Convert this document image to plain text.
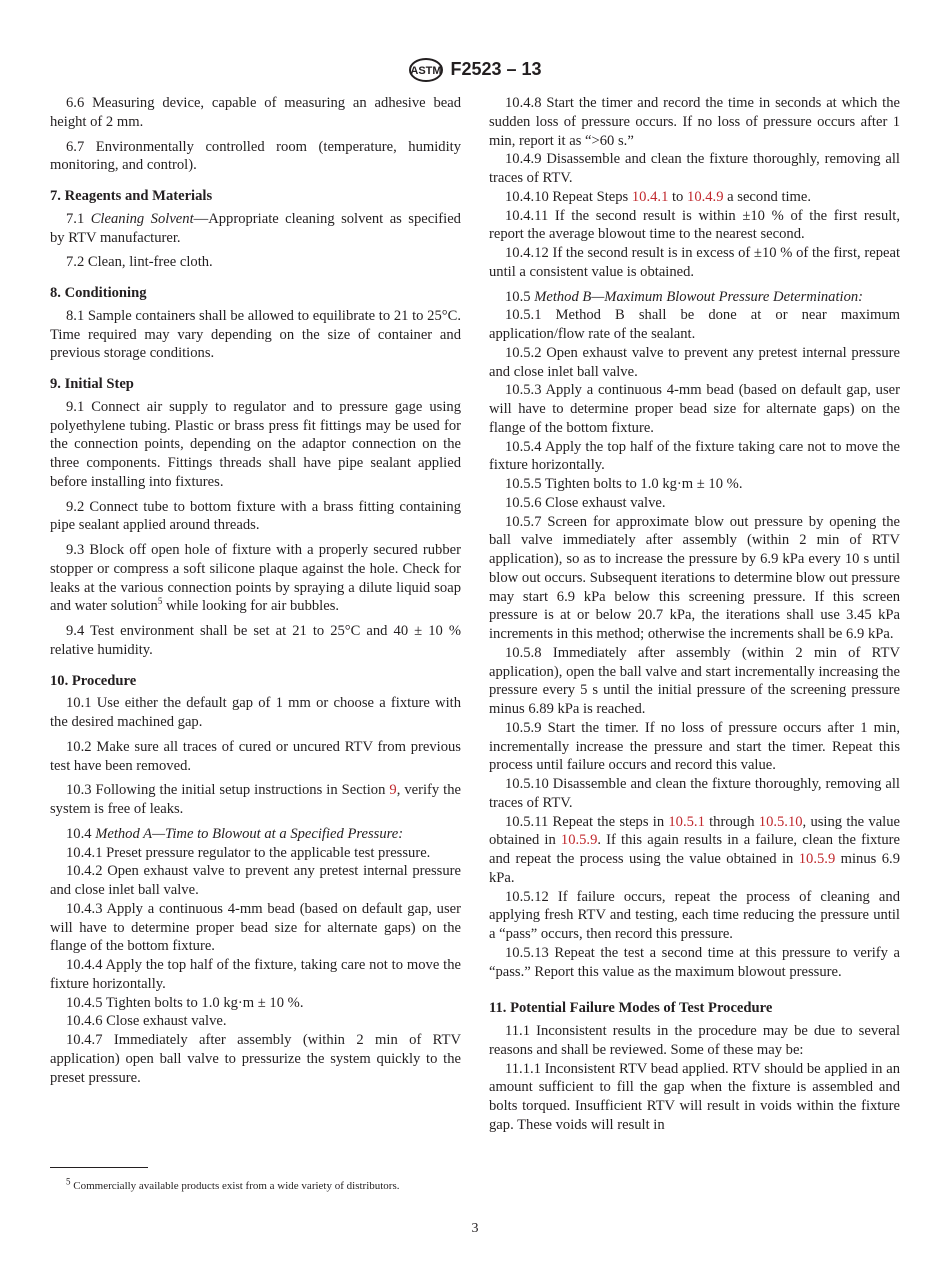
ASTM F2523 – 13
6.6 Measuring device, capable of measuring an adhesive bead height of 2 mm.
6.7 Environmentally controlled room (temperature, humidity monitoring, and control).
7. Reagents and Materials
7.1 Cleaning Solvent—Appropriate cleaning solvent as specified by RTV manufacturer.
7.2 Clean, lint-free cloth.
8. Conditioning
8.1 Sample containers shall be allowed to equilibrate to 21 to 25°C. Time required may vary depending on the size of container and previous storage conditions.
9. Initial Step
9.1 Connect air supply to regulator and to pressure gage using polyethylene tubing. Plastic or brass press fit fittings may be used for the connection points, depending on the adaptor connection on the three components. Fittings threads shall have pipe sealant applied before installing into fixtures.
9.2 Connect tube to bottom fixture with a brass fitting containing pipe sealant applied around threads.
9.3 Block off open hole of fixture with a properly secured rubber stopper or compress a soft silicone plaque against the hole. Check for leaks at the various connection points by spraying a dilute liquid soap and water solution$^5$ while looking for air bubbles.
9.4 Test environment shall be set at 21 to 25°C and 40 ± 10 % relative humidity.
10. Procedure
10.1 Use either the default gap of 1 mm or choose a fixture with the desired machined gap.
10.2 Make sure all traces of cured or uncured RTV from previous test have been removed.
10.3 Following the initial setup instructions in Section 9, verify the system is free of leaks.
10.4 Method A—Time to Blowout at a Specified Pressure:
10.4.1 Preset pressure regulator to the applicable test pressure.
10.4.2 Open exhaust valve to prevent any pretest internal pressure and close inlet ball valve.
10.4.3 Apply a continuous 4-mm bead (based on default gap, user will have to determine proper bead size for alternate gaps) on the flange of the bottom fixture.
10.4.4 Apply the top half of the fixture, taking care not to move the fixture horizontally.
10.4.5 Tighten bolts to 1.0 kg·m ± 10 %.
10.4.6 Close exhaust valve.
10.4.7 Immediately after assembly (within 2 min of RTV application) open ball valve to pressurize the system quickly to the preset pressure.
10.4.8 Start the timer and record the time in seconds at which the sudden loss of pressure occurs. If no loss of pressure occurs after 1 min, report it as “>60 s.”
10.4.9 Disassemble and clean the fixture thoroughly, removing all traces of RTV.
10.4.10 Repeat Steps 10.4.1 to 10.4.9 a second time.
10.4.11 If the second result is within ±10 % of the first result, report the average blowout time to the nearest second.
10.4.12 If the second result is in excess of ±10 % of the first, repeat until a consistent value is obtained.
10.5 Method B—Maximum Blowout Pressure Determination:
10.5.1 Method B shall be done at or near maximum application/flow rate of the sealant.
10.5.2 Open exhaust valve to prevent any pretest internal pressure and close inlet ball valve.
10.5.3 Apply a continuous 4-mm bead (based on default gap, user will have to determine proper bead size for alternate gaps) on the flange of the bottom fixture.
10.5.4 Apply the top half of the fixture taking care not to move the fixture horizontally.
10.5.5 Tighten bolts to 1.0 kg·m ± 10 %.
10.5.6 Close exhaust valve.
10.5.7 Screen for approximate blow out pressure by opening the ball valve immediately after assembly (within 2 min of RTV application), so as to increase the pressure by 6.9 kPa every 10 s until blow out occurs. Subsequent iterations to determine blow out pressure may start 6.9 kPa below this screening pressure. If this screen pressure is at or below 20.7 kPa, the iterations shall use 3.45 kPa increments in this method; otherwise the increments shall be 6.9 kPa.
10.5.8 Immediately after assembly (within 2 min of RTV application), open the ball valve and start incrementally increasing the pressure every 5 s until the initial pressure of the screening pressure minus 6.89 kPa is reached.
10.5.9 Start the timer. If no loss of pressure occurs after 1 min, incrementally increase the pressure and start the timer. Repeat this process until failure occurs and record this value.
10.5.10 Disassemble and clean the fixture thoroughly, removing all traces of RTV.
10.5.11 Repeat the steps in 10.5.1 through 10.5.10, using the value obtained in 10.5.9. If this again results in a failure, clean the fixture and repeat the process using the value obtained in 10.5.9 minus 6.9 kPa.
10.5.12 If failure occurs, repeat the process of cleaning and applying fresh RTV and testing, each time reducing the pressure until a “pass” occurs, then record this pressure.
10.5.13 Repeat the test a second time at this pressure to verify a “pass.” Report this value as the maximum blowout pressure.
11. Potential Failure Modes of Test Procedure
11.1 Inconsistent results in the procedure may be due to several reasons and shall be reviewed. Some of these may be:
11.1.1 Inconsistent RTV bead applied. RTV should be applied in an amount sufficient to fill the gap when the fixture is assembled and bolts torqued. Insufficient RTV will result in voids within the fixture gap. These voids will result in
$^5$ Commercially available products exist from a wide variety of distributors.
3
